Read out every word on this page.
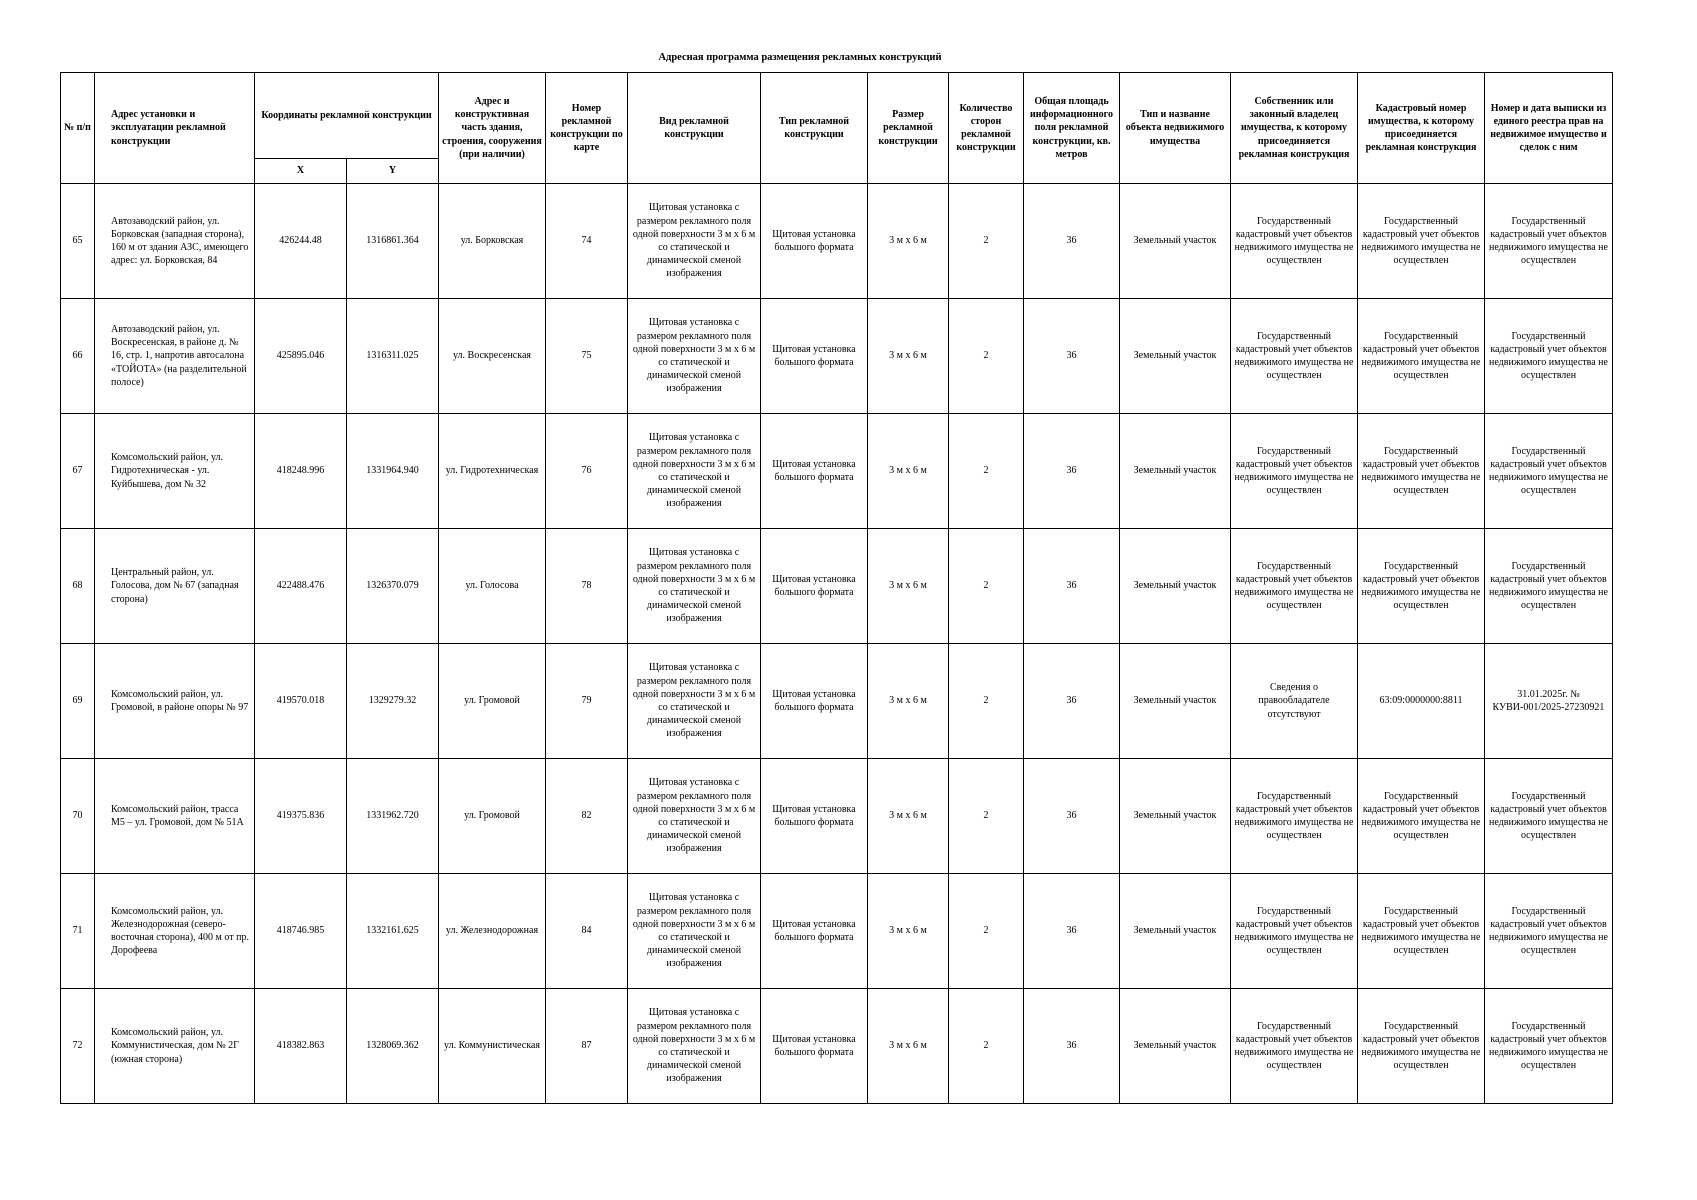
Адресная программа размещения рекламных конструкций
№ п/п	Адрес установки и эксплуатации рекламной конструкции	Координаты рекламной конструкции		Адрес и конструктивная часть здания, строения, сооружения (при наличии)	Номер рекламной конструкции по карте	Вид рекламной конструкции	Тип рекламной конструкции	Размер рекламной конструкции	Количество сторон рекламной конструкции	Общая площадь информационного поля рекламной конструкции, кв. метров	Тип и название объекта недвижимого имущества	Собственник или законный владелец имущества, к которому присоединяется рекламная конструкция	Кадастровый номер имущества, к которому присоединяется рекламная конструкция	Номер и дата выписки из единого реестра прав на недвижимое имущество и сделок с ним
		X	Y											
65	Автозаводский район, ул. Борковская (западная сторона), 160 м от здания АЗС, имеющего адрес: ул. Борковская, 84	426244.48	1316861.364	ул. Борковская	74	Щитовая установка с размером рекламного поля одной поверхности 3 м х 6 м со статической и динамической сменой изображения	Щитовая установка большого формата	3 м х 6 м	2	36	Земельный участок	Государственный кадастровый учет объектов недвижимого имущества не осуществлен	Государственный кадастровый учет объектов недвижимого имущества не осуществлен	Государственный кадастровый учет объектов недвижимого имущества не осуществлен
66	Автозаводский район, ул. Воскресенская, в районе д. № 16, стр. 1, напротив автосалона «ТОЙОТА» (на разделительной полосе)	425895.046	1316311.025	ул. Воскресенская	75	Щитовая установка с размером рекламного поля одной поверхности 3 м х 6 м со статической и динамической сменой изображения	Щитовая установка большого формата	3 м х 6 м	2	36	Земельный участок	Государственный кадастровый учет объектов недвижимого имущества не осуществлен	Государственный кадастровый учет объектов недвижимого имущества не осуществлен	Государственный кадастровый учет объектов недвижимого имущества не осуществлен
67	Комсомольский район, ул. Гидротехническая - ул. Куйбышева, дом № 32	418248.996	1331964.940	ул. Гидротехническая	76	Щитовая установка с размером рекламного поля одной поверхности 3 м х 6 м со статической и динамической сменой изображения	Щитовая установка большого формата	3 м х 6 м	2	36	Земельный участок	Государственный кадастровый учет объектов недвижимого имущества не осуществлен	Государственный кадастровый учет объектов недвижимого имущества не осуществлен	Государственный кадастровый учет объектов недвижимого имущества не осуществлен
68	Центральный район, ул. Голосова, дом № 67 (западная сторона)	422488.476	1326370.079	ул. Голосова	78	Щитовая установка с размером рекламного поля одной поверхности 3 м х 6 м со статической и динамической сменой изображения	Щитовая установка большого формата	3 м х 6 м	2	36	Земельный участок	Государственный кадастровый учет объектов недвижимого имущества не осуществлен	Государственный кадастровый учет объектов недвижимого имущества не осуществлен	Государственный кадастровый учет объектов недвижимого имущества не осуществлен
69	Комсомольский район, ул. Громовой, в районе опоры № 97	419570.018	1329279.32	ул. Громовой	79	Щитовая установка с размером рекламного поля одной поверхности 3 м х 6 м со статической и динамической сменой изображения	Щитовая установка большого формата	3 м х 6 м	2	36	Земельный участок	Сведения о правообладателе отсутствуют	63:09:0000000:8811	31.01.2025г. № КУВИ-001/2025-27230921
70	Комсомольский район, трасса М5 – ул. Громовой, дом № 51А	419375.836	1331962.720	ул. Громовой	82	Щитовая установка с размером рекламного поля одной поверхности 3 м х 6 м со статической и динамической сменой изображения	Щитовая установка большого формата	3 м х 6 м	2	36	Земельный участок	Государственный кадастровый учет объектов недвижимого имущества не осуществлен	Государственный кадастровый учет объектов недвижимого имущества не осуществлен	Государственный кадастровый учет объектов недвижимого имущества не осуществлен
71	Комсомольский район, ул. Железнодорожная (северо-восточная сторона), 400 м от пр. Дорофеева	418746.985	1332161.625	ул. Железнодорожная	84	Щитовая установка с размером рекламного поля одной поверхности 3 м х 6 м со статической и динамической сменой изображения	Щитовая установка большого формата	3 м х 6 м	2	36	Земельный участок	Государственный кадастровый учет объектов недвижимого имущества не осуществлен	Государственный кадастровый учет объектов недвижимого имущества не осуществлен	Государственный кадастровый учет объектов недвижимого имущества не осуществлен
72	Комсомольский район, ул. Коммунистическая, дом № 2Г (южная сторона)	418382.863	1328069.362	ул. Коммунистическая	87	Щитовая установка с размером рекламного поля одной поверхности 3 м х 6 м со статической и динамической сменой изображения	Щитовая установка большого формата	3 м х 6 м	2	36	Земельный участок	Государственный кадастровый учет объектов недвижимого имущества не осуществлен	Государственный кадастровый учет объектов недвижимого имущества не осуществлен	Государственный кадастровый учет объектов недвижимого имущества не осуществлен
